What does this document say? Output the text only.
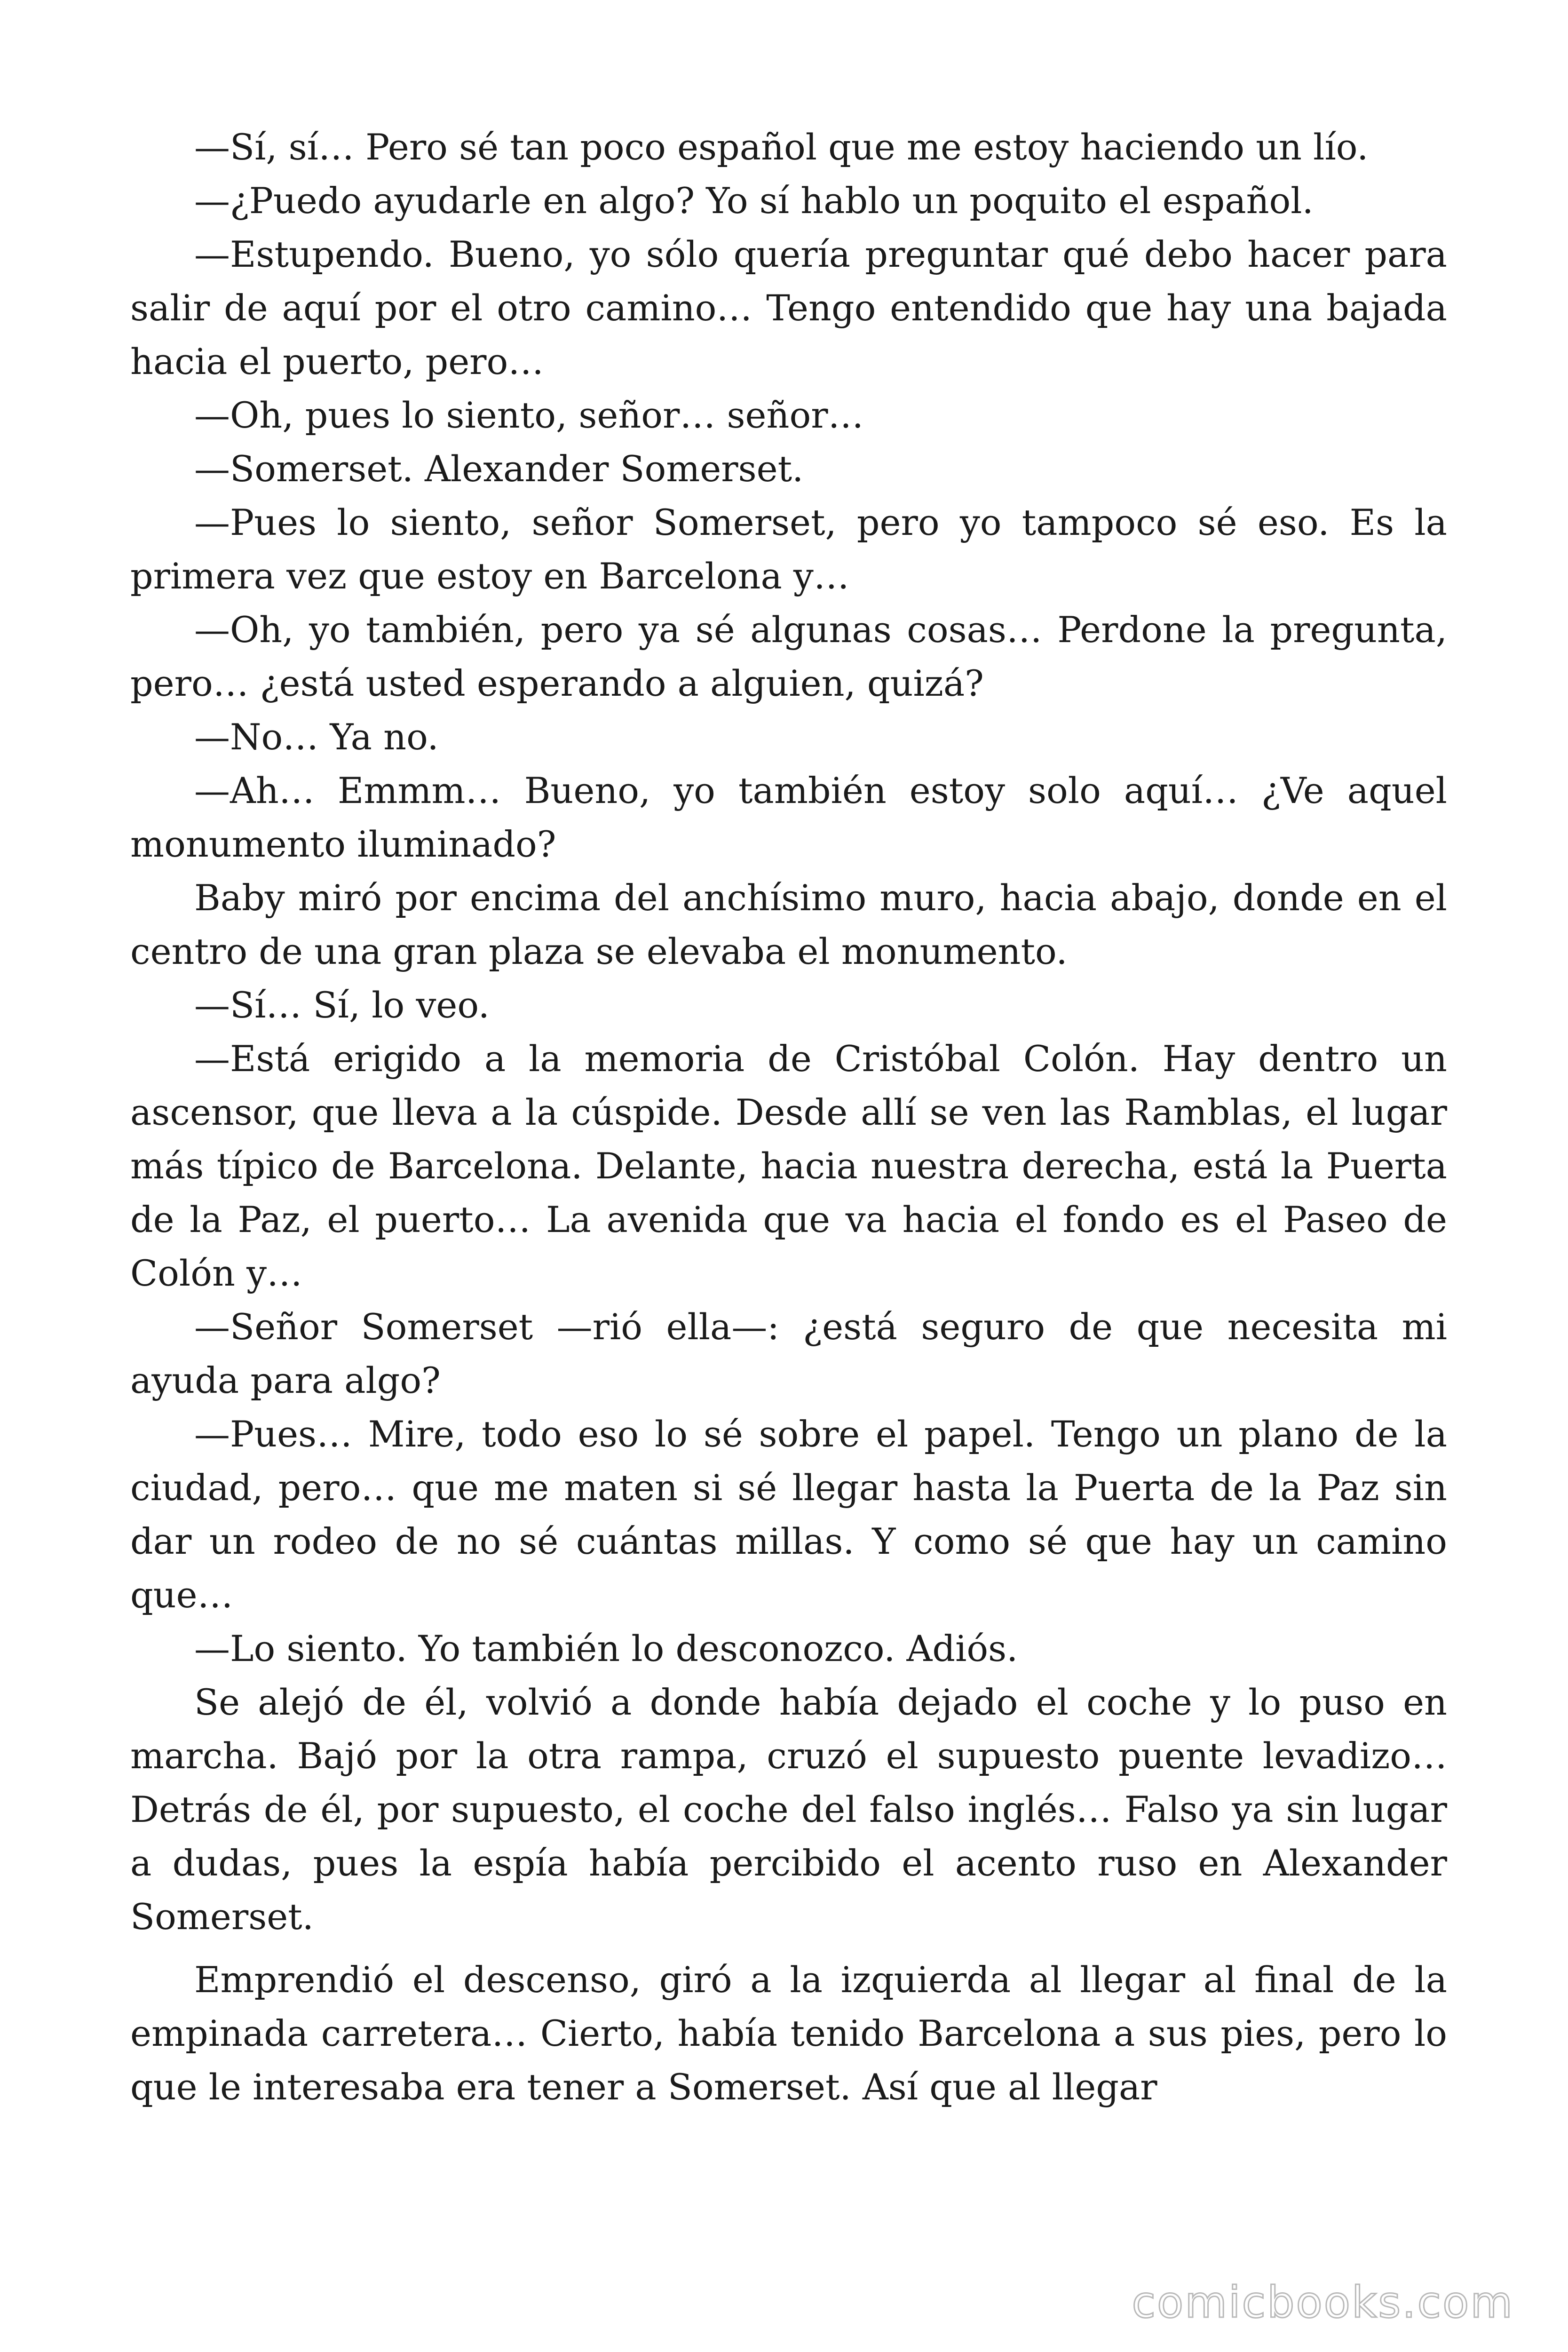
—Sí, sí… Pero sé tan poco español que me estoy haciendo un lío.

—¿Puedo ayudarle en algo? Yo sí hablo un poquito el español.

—Estupendo. Bueno, yo sólo quería preguntar qué debo hacer para salir de aquí por el otro camino… Tengo entendido que hay una bajada hacia el puerto, pero…

—Oh, pues lo siento, señor… señor…

—Somerset. Alexander Somerset.

—Pues lo siento, señor Somerset, pero yo tampoco sé eso. Es la primera vez que estoy en Barcelona y…

—Oh, yo también, pero ya sé algunas cosas… Perdone la pregunta, pero… ¿está usted esperando a alguien, quizá?

—No… Ya no.

—Ah… Emmm… Bueno, yo también estoy solo aquí… ¿Ve aquel monumento iluminado?

Baby miró por encima del anchísimo muro, hacia abajo, donde en el centro de una gran plaza se elevaba el monumento.

—Sí… Sí, lo veo.

—Está erigido a la memoria de Cristóbal Colón. Hay dentro un ascensor, que lleva a la cúspide. Desde allí se ven las Ramblas, el lugar más típico de Barcelona. Delante, hacia nuestra derecha, está la Puerta de la Paz, el puerto… La avenida que va hacia el fondo es el Paseo de Colón y…

—Señor Somerset —rió ella—: ¿está seguro de que necesita mi ayuda para algo?

—Pues… Mire, todo eso lo sé sobre el papel. Tengo un plano de la ciudad, pero… que me maten si sé llegar hasta la Puerta de la Paz sin dar un rodeo de no sé cuántas millas. Y como sé que hay un camino que…

—Lo siento. Yo también lo desconozco. Adiós.

Se alejó de él, volvió a donde había dejado el coche y lo puso en marcha. Bajó por la otra rampa, cruzó el supuesto puente levadizo… Detrás de él, por supuesto, el coche del falso inglés… Falso ya sin lugar a dudas, pues la espía había percibido el acento ruso en Alexander Somerset.

Emprendió el descenso, giró a la izquierda al llegar al final de la empinada carretera… Cierto, había tenido Barcelona a sus pies, pero lo que le interesaba era tener a Somerset. Así que al llegar

comicbooks.com
